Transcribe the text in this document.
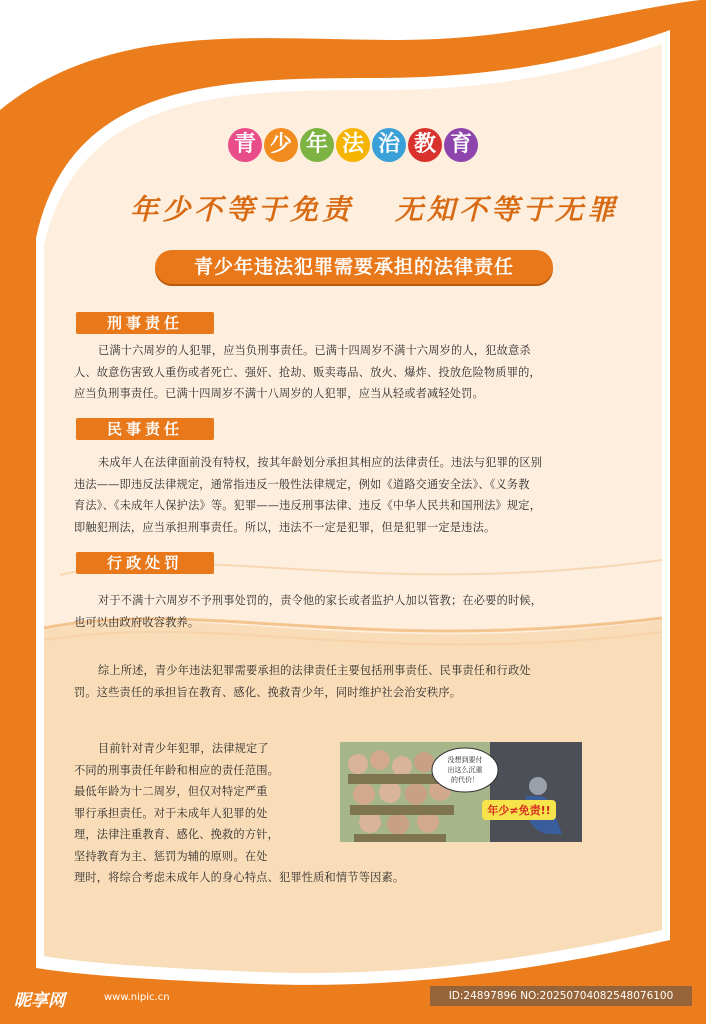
青 少 年 法 治 教 育
年少不等于免责 无知不等于无罪
青少年违法犯罪需要承担的法律责任
刑事责任
已满十六周岁的人犯罪，应当负刑事责任。已满十四周岁不满十六周岁的人，犯故意杀
人、故意伤害致人重伤或者死亡、强奸、抢劫、贩卖毒品、放火、爆炸、投放危险物质罪的，
应当负刑事责任。已满十四周岁不满十八周岁的人犯罪，应当从轻或者减轻处罚。
民事责任
未成年人在法律面前没有特权，按其年龄划分承担其相应的法律责任。违法与犯罪的区别
违法——即违反法律规定，通常指违反一般性法律规定，例如《道路交通安全法》、《义务教
育法》、《未成年人保护法》等。犯罪——违反刑事法律、违反《中华人民共和国刑法》规定，
即触犯刑法，应当承担刑事责任。所以，违法不一定是犯罪，但是犯罪一定是违法。
行政处罚
对于不满十六周岁不予刑事处罚的，责令他的家长或者监护人加以管教；在必要的时候，
也可以由政府收容教养。
综上所述，青少年违法犯罪需要承担的法律责任主要包括刑事责任、民事责任和行政处
罚。这些责任的承担旨在教育、感化、挽救青少年，同时维护社会治安秩序。
目前针对青少年犯罪，法律规定了
不同的刑事责任年龄和相应的责任范围。
最低年龄为十二周岁，但仅对特定严重
罪行承担责任。对于未成年人犯罪的处
理，法律注重教育、感化、挽救的方针，
坚持教育为主、惩罚为辅的原则。在处
理时，将综合考虑未成年人的身心特点、犯罪性质和情节等因素。
没想到要付
出这么沉重
的代价！
年少≠免责!!
昵享网	www.nipic.cn	ID:24897896 NO:20250704082548076100
